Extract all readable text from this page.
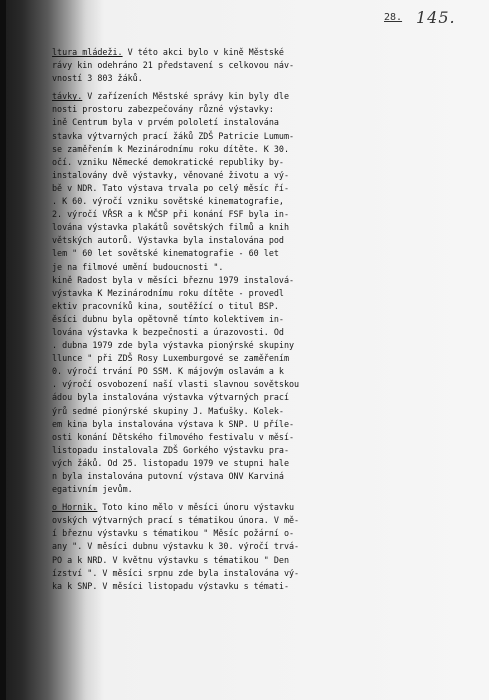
28. 145.
ltura mládeži. V této akci bylo v kině Městské
rávy kin odehráno 21 představení s celkovou náv-
vností 3 803 žáků.
távky. V zařízeních Městské správy kin byly dle
nosti prostoru zabezpečovány různé výstavky:
ině Centrum byla v prvém pololetí instalována
stavka výtvarných prací žáků ZDŠ Patricie Lumum-
se zaměřením k Mezinárodnímu roku dítěte. K 30.
očí. vzniku Německé demokratické republiky by-
instalovány dvě výstavky, věnované životu a vý-
bě v NDR. Tato výstava trvala po celý měsíc ří-
. K 60. výročí vzniku sovětské kinematografie,
2. výročí VŘSR a k MČSP při konání FSF byla in-
lována výstavka plakátů sovětských filmů a knih
větských autorů. Výstavka byla instalována pod
lem " 60 let sovětské kinematografie - 60 let
je na filmové umění budoucnosti ".
kině Radost byla v měsíci březnu 1979 instalová-
výstavka K Mezinárodnímu roku dítěte - provedl
ektiv pracovníků kina, soutěžící o titul BSP.
ěsíci dubnu byla opětovně tímto kolektivem in-
lována výstavka k bezpečnosti a úrazovosti. Od
. dubna 1979 zde byla výstavka pionýrské skupiny
llunce " při ZDŠ Rosy Luxemburgové se zaměřením
0. výročí trvání PO SSM. K májovým oslavám a k
. výročí osvobození naší vlasti slavnou sovětskou
ádou byla instalována výstavka výtvarných prací
ýrů sedmé pionýrské skupiny J. Maťušky. Kolek-
em kina byla instalována výstava k SNP. U příle-
osti konání Dětského filmového festivalu v měsí-
listopadu instalovala ZDŠ Gorkého výstavku pra-
vých žáků. Od 25. listopadu 1979 ve stupni hale
n byla instalována putovní výstava ONV Karviná
egativním jevům.
o Hornik. Toto kino mělo v měsíci únoru výstavku
ovských výtvarných prací s tématikou února. V mě-
í březnu výstavku s tématikou " Měsíc požární o-
any ". V měsíci dubnu výstavku k 30. výročí trvá-
PO a k NRD. V květnu výstavku s tématikou " Den
ízství ". V měsíci srpnu zde byla instalována vý-
ka k SNP. V měsíci listopadu výstavku s témati-
